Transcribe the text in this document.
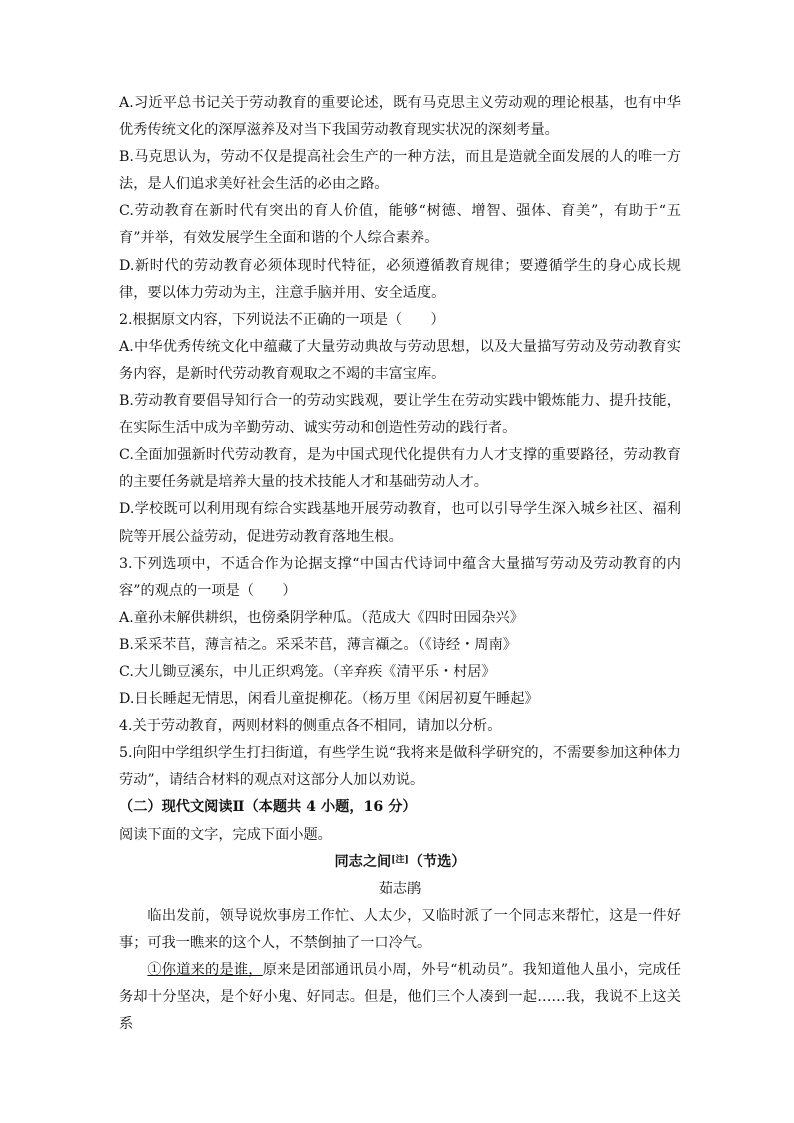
A.习近平总书记关于劳动教育的重要论述，既有马克思主义劳动观的理论根基，也有中华优秀传统文化的深厚滋养及对当下我国劳动教育现实状况的深刻考量。

B.马克思认为，劳动不仅是提高社会生产的一种方法，而且是造就全面发展的人的唯一方法，是人们追求美好社会生活的必由之路。

C.劳动教育在新时代有突出的育人价值，能够“树德、增智、强体、育美”，有助于“五育”并举，有效发展学生全面和谐的个人综合素养。

D.新时代的劳动教育必须体现时代特征，必须遵循教育规律；要遵循学生的身心成长规律，要以体力劳动为主，注意手脑并用、安全适度。

2.根据原文内容，下列说法不正确的一项是（　　）

A.中华优秀传统文化中蕴藏了大量劳动典故与劳动思想，以及大量描写劳动及劳动教育实务内容，是新时代劳动教育观取之不竭的丰富宝库。

B.劳动教育要倡导知行合一的劳动实践观，要让学生在劳动实践中锻炼能力、提升技能，在实际生活中成为辛勤劳动、诚实劳动和创造性劳动的践行者。

C.全面加强新时代劳动教育，是为中国式现代化提供有力人才支撑的重要路径，劳动教育的主要任务就是培养大量的技术技能人才和基础劳动人才。

D.学校既可以利用现有综合实践基地开展劳动教育，也可以引导学生深入城乡社区、福利院等开展公益劳动，促进劳动教育落地生根。

3.下列选项中，不适合作为论据支撑“中国古代诗词中蕴含大量描写劳动及劳动教育的内容”的观点的一项是（　　）

A.童孙未解供耕织，也傍桑阴学种瓜。（范成大《四时田园杂兴》

B.采采芣苢，薄言袺之。采采芣苢，薄言襭之。（《诗经・周南》

C.大儿锄豆溪东，中儿正织鸡笼。（辛弃疾《清平乐・村居》

D.日长睡起无情思，闲看儿童捉柳花。（杨万里《闲居初夏午睡起》

4.关于劳动教育，两则材料的侧重点各不相同，请加以分析。

5.向阳中学组织学生打扫街道，有些学生说“我将来是做科学研究的，不需要参加这种体力劳动”，请结合材料的观点对这部分人加以劝说。

（二）现代文阅读Ⅱ（本题共 4 小题，16 分）

阅读下面的文字，完成下面小题。

同志之间[注]（节选）

茹志鹃

临出发前，领导说炊事房工作忙、人太少，又临时派了一个同志来帮忙，这是一件好事；可我一瞧来的这个人，不禁倒抽了一口冷气。

①你道来的是谁，原来是团部通讯员小周，外号“机动员”。我知道他人虽小，完成任务却十分坚决，是个好小鬼、好同志。但是，他们三个人凑到一起……我，我说不上这关系
